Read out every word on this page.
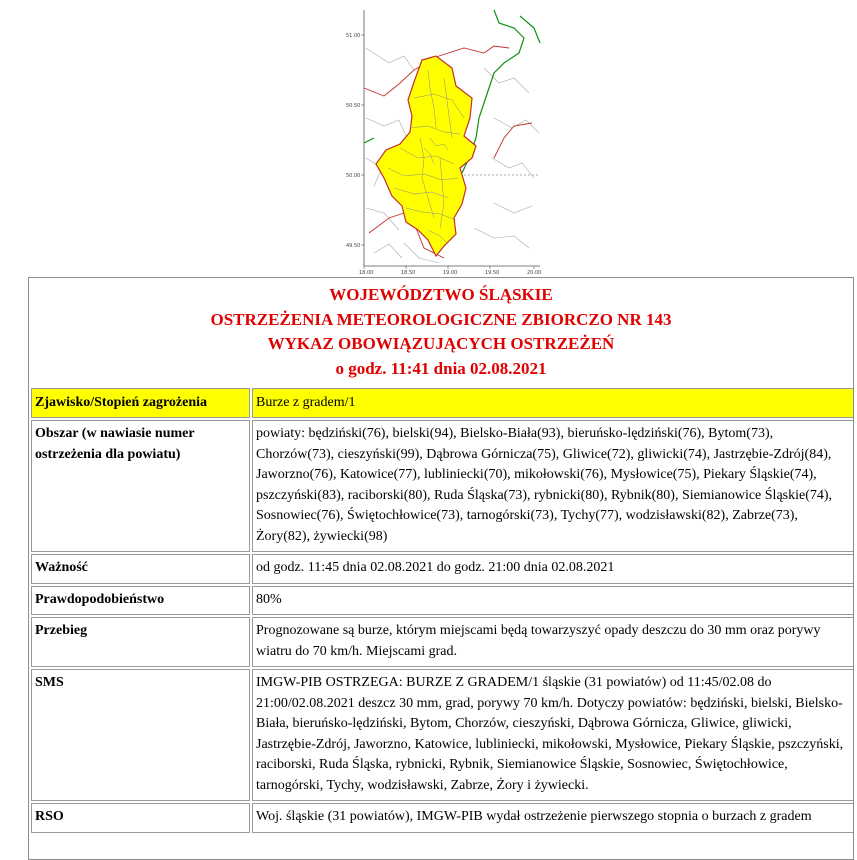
51.00
50.50
50.00
49.50
18.00	18.50	19.00	19.50	20.00
WOJEWÓDZTWO ŚLĄSKIE
OSTRZEŻENIA METEOROLOGICZNE ZBIORCZO NR 143
WYKAZ OBOWIĄZUJĄCYCH OSTRZEŻEŃ
o godz. 11:41 dnia 02.08.2021
Zjawisko/Stopień zagrożenia	Burze z gradem/1
Obszar (w nawiasie numer ostrzeżenia dla powiatu)	powiaty: będziński(76), bielski(94), Bielsko-Biała(93), bieruńsko-lędziński(76), Bytom(73), Chorzów(73), cieszyński(99), Dąbrowa Górnicza(75), Gliwice(72), gliwicki(74), Jastrzębie-Zdrój(84), Jaworzno(76), Katowice(77), lubliniecki(70), mikołowski(76), Mysłowice(75), Piekary Śląskie(74), pszczyński(83), raciborski(80), Ruda Śląska(73), rybnicki(80), Rybnik(80), Siemianowice Śląskie(74), Sosnowiec(76), Świętochłowice(73), tarnogórski(73), Tychy(77), wodzisławski(82), Zabrze(73), Żory(82), żywiecki(98)
Ważność	od godz. 11:45 dnia 02.08.2021 do godz. 21:00 dnia 02.08.2021
Prawdopodobieństwo	80%
Przebieg	Prognozowane są burze, którym miejscami będą towarzyszyć opady deszczu do 30 mm oraz porywy wiatru do 70 km/h. Miejscami grad.
SMS	IMGW-PIB OSTRZEGA: BURZE Z GRADEM/1 śląskie (31 powiatów) od 11:45/02.08 do 21:00/02.08.2021 deszcz 30 mm, grad, porywy 70 km/h. Dotyczy powiatów: będziński, bielski, Bielsko-Biała, bieruńsko-lędziński, Bytom, Chorzów, cieszyński, Dąbrowa Górnicza, Gliwice, gliwicki, Jastrzębie-Zdrój, Jaworzno, Katowice, lubliniecki, mikołowski, Mysłowice, Piekary Śląskie, pszczyński, raciborski, Ruda Śląska, rybnicki, Rybnik, Siemianowice Śląskie, Sosnowiec, Świętochłowice, tarnogórski, Tychy, wodzisławski, Zabrze, Żory i żywiecki.
RSO	Woj. śląskie (31 powiatów), IMGW-PIB wydał ostrzeżenie pierwszego stopnia o burzach z gradem
